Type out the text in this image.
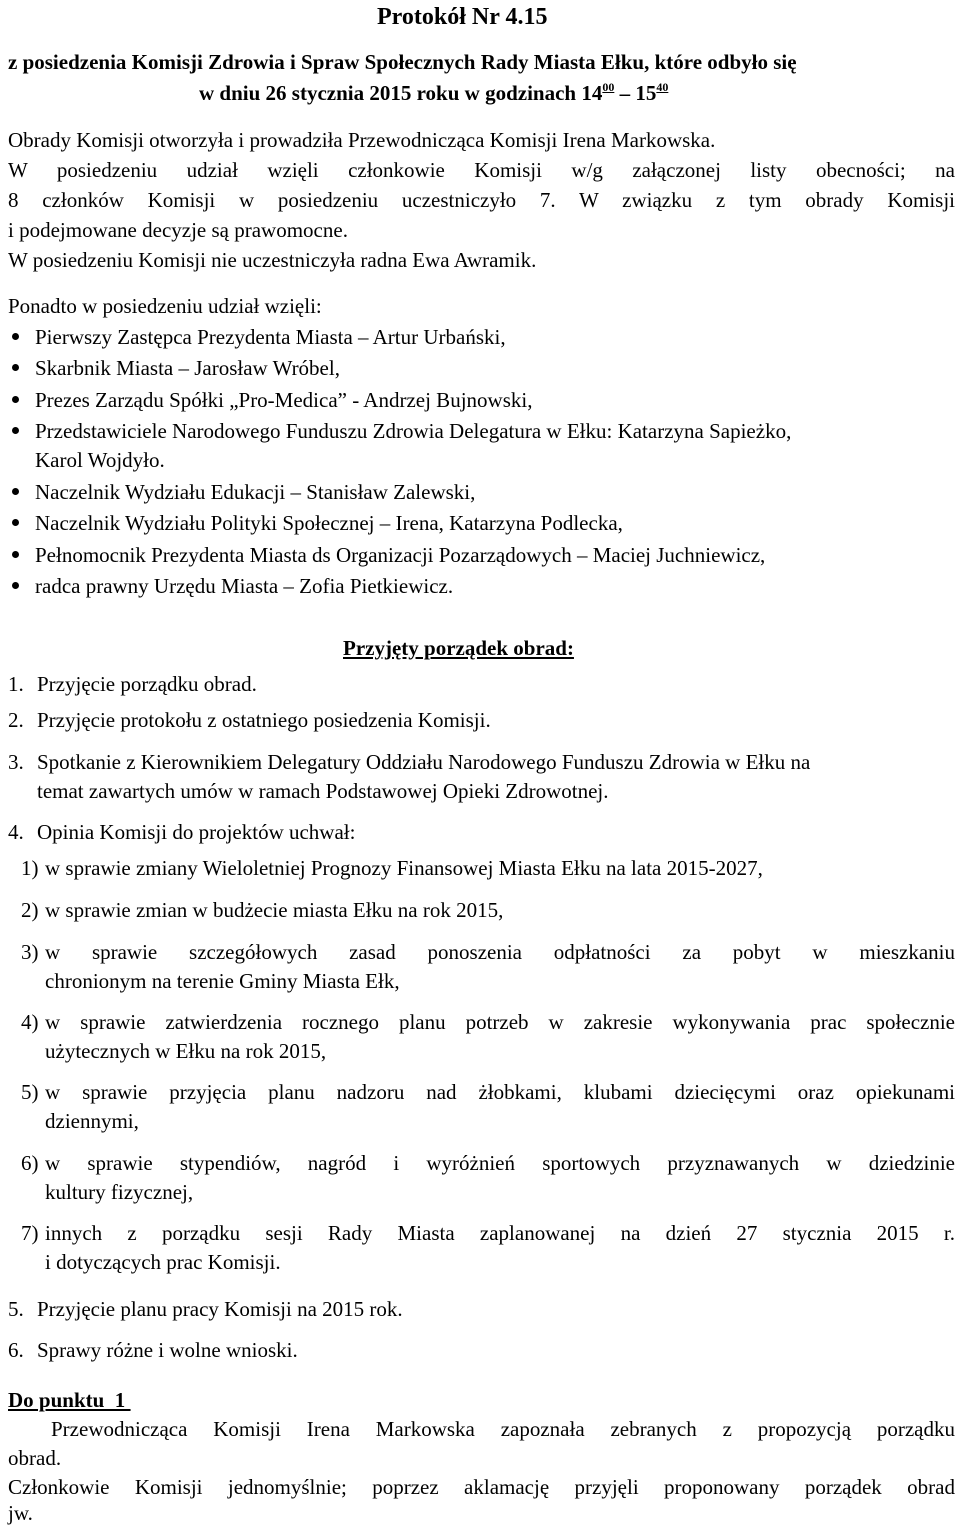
Protokół Nr 4.15
z posiedzenia Komisji Zdrowia i Spraw Społecznych Rady Miasta Ełku, które odbyło się
w dniu 26 stycznia 2015 roku w godzinach $14^{00} - 15^{40}$
Obrady Komisji otworzyła i prowadziła Przewodnicząca Komisji Irena Markowska.
W posiedzeniu udział wzięli członkowie Komisji w/g załączonej listy obecności; na
8 członków Komisji w posiedzeniu uczestniczyło 7. W związku z tym obrady Komisji
i podejmowane decyzje są prawomocne.
W posiedzeniu Komisji nie uczestniczyła radna Ewa Awramik.
Ponadto w posiedzeniu udział wzięli:
Pierwszy Zastępca Prezydenta Miasta – Artur Urbański,
Skarbnik Miasta – Jarosław Wróbel,
Prezes Zarządu Spółki „Pro-Medica” - Andrzej Bujnowski,
Przedstawiciele Narodowego Funduszu Zdrowia Delegatura w Ełku: Katarzyna Sapieżko,
Karol Wojdyło.
Naczelnik Wydziału Edukacji – Stanisław Zalewski,
Naczelnik Wydziału Polityki Społecznej – Irena, Katarzyna Podlecka,
Pełnomocnik Prezydenta Miasta ds Organizacji Pozarządowych – Maciej Juchniewicz,
radca prawny Urzędu Miasta – Zofia Pietkiewicz.
Przyjęty porządek obrad:
1. Przyjęcie porządku obrad.
2. Przyjęcie protokołu z ostatniego posiedzenia Komisji.
3. Spotkanie z Kierownikiem Delegatury Oddziału Narodowego Funduszu Zdrowia w Ełku na
temat zawartych umów w ramach Podstawowej Opieki Zdrowotnej.
4. Opinia Komisji do projektów uchwał:
1) w sprawie zmiany Wieloletniej Prognozy Finansowej Miasta Ełku na lata 2015-2027,
2) w sprawie zmian w budżecie miasta Ełku na rok 2015,
3) w sprawie szczegółowych zasad ponoszenia odpłatności za pobyt w mieszkaniu
chronionym na terenie Gminy Miasta Ełk,
4) w sprawie zatwierdzenia rocznego planu potrzeb w zakresie wykonywania prac społecznie
użytecznych w Ełku na rok 2015,
5) w sprawie przyjęcia planu nadzoru nad żłobkami, klubami dziecięcymi oraz opiekunami
dziennymi,
6) w sprawie stypendiów, nagród i wyróżnień sportowych przyznawanych w dziedzinie
kultury fizycznej,
7) innych z porządku sesji Rady Miasta zaplanowanej na dzień 27 stycznia 2015 r.
i dotyczących prac Komisji.
5. Przyjęcie planu pracy Komisji na 2015 rok.
6. Sprawy różne i wolne wnioski.
Do punktu  1
Przewodnicząca Komisji Irena Markowska zapoznała zebranych z propozycją porządku
obrad.
Członkowie Komisji jednomyślnie; poprzez aklamację przyjęli proponowany porządek obrad
jw.
